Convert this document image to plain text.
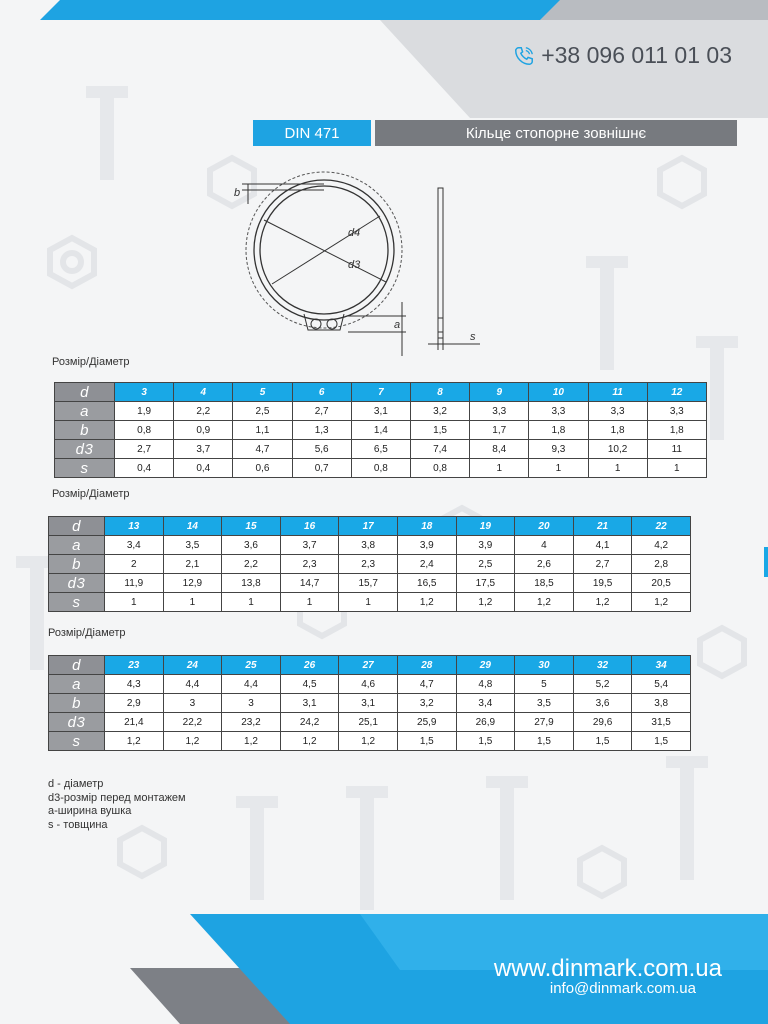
+38 096 011 01 03
DIN 471	Кільце стопорне зовнішнє
b
d4
d3
a
s
Розмір/Діаметр
d	3	4	5	6	7	8	9	10	11	12
a	1,9	2,2	2,5	2,7	3,1	3,2	3,3	3,3	3,3	3,3
b	0,8	0,9	1,1	1,3	1,4	1,5	1,7	1,8	1,8	1,8
d3	2,7	3,7	4,7	5,6	6,5	7,4	8,4	9,3	10,2	11
s	0,4	0,4	0,6	0,7	0,8	0,8	1	1	1	1
Розмір/Діаметр
d	13	14	15	16	17	18	19	20	21	22
a	3,4	3,5	3,6	3,7	3,8	3,9	3,9	4	4,1	4,2
b	2	2,1	2,2	2,3	2,3	2,4	2,5	2,6	2,7	2,8
d3	11,9	12,9	13,8	14,7	15,7	16,5	17,5	18,5	19,5	20,5
s	1	1	1	1	1	1,2	1,2	1,2	1,2	1,2
Розмір/Діаметр
d	23	24	25	26	27	28	29	30	32	34
a	4,3	4,4	4,4	4,5	4,6	4,7	4,8	5	5,2	5,4
b	2,9	3	3	3,1	3,1	3,2	3,4	3,5	3,6	3,8
d3	21,4	22,2	23,2	24,2	25,1	25,9	26,9	27,9	29,6	31,5
s	1,2	1,2	1,2	1,2	1,2	1,5	1,5	1,5	1,5	1,5
d - діаметр
d3-розмір перед монтажем
a-ширина вушка
s - товщина
www.dinmark.com.ua
info@dinmark.com.ua
